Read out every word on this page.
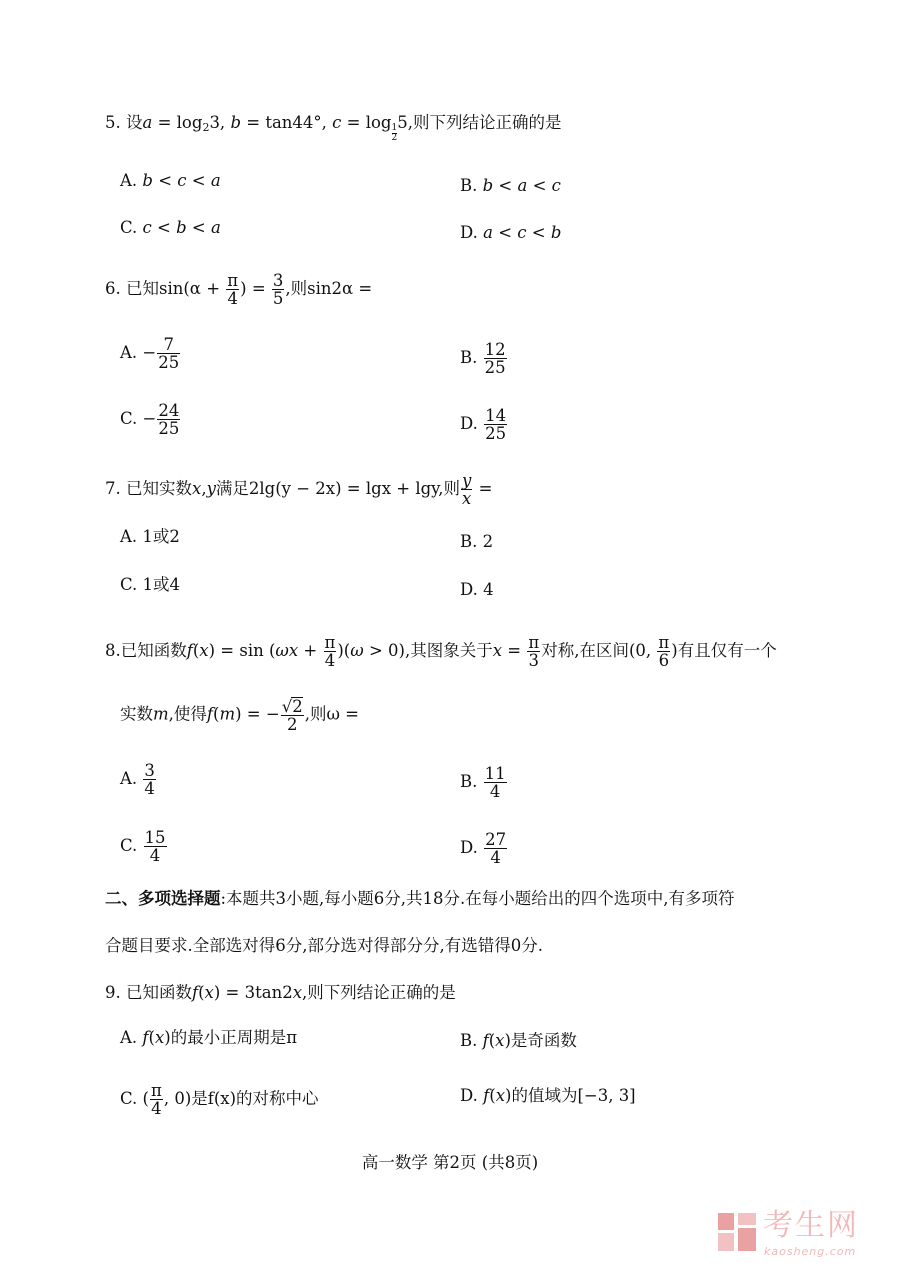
5. 设$a = \log_23$, b = tan44°, c = log
$\frac{1}{2}$
5,则下列结论正确的是
A. b < c < a	B. b < a < c
C. c < b < a	D. a < c < b
6. 已知$\sin(\alpha + \frac{\pi}{4}$ ) = $\frac{3}{5}$ ,则sin2α =
A. − $\frac{7}{25}$	B. $\frac{12}{25}$
C. − $\frac{24}{25}$	D. $\frac{14}{25}$
7. 已知实数x,y满足2lg(y − 2x) = lgx + lgy,则 $\frac{y}{x}$ =
A. 1或2	B. 2
C. 1或4	D. 4
8.已知函数$f(x) = \sin (\omega x + \frac{\pi}{4} )(\omega > 0)$,其图象关于$x = \frac{\pi}{3}$ 对称,在区间(0, $\frac{\pi}{6}$ )有且仅有一个
实数m,使得f(m) = − $\frac{√2}{2}$ ,则ω =
A. $\frac{3}{4}$	B. $\frac{11}{4}$
C. $\frac{15}{4}$	D. $\frac{27}{4}$
二、多项选择题:本题共3小题,每小题6分,共18分.在每小题给出的四个选项中,有多项符
合题目要求.全部选对得6分,部分选对得部分分,有选错得0分.
9. 已知函数f(x) = 3tan2x,则下列结论正确的是
A. f(x)的最小正周期是π	B. f(x)是奇函数
C. ( $\frac{\pi}{4}$ , 0)是f(x)的对称中心	D. f(x)的值域为[−3, 3]
高一数学 第2页 (共8页)
考生网
kaosheng.com
